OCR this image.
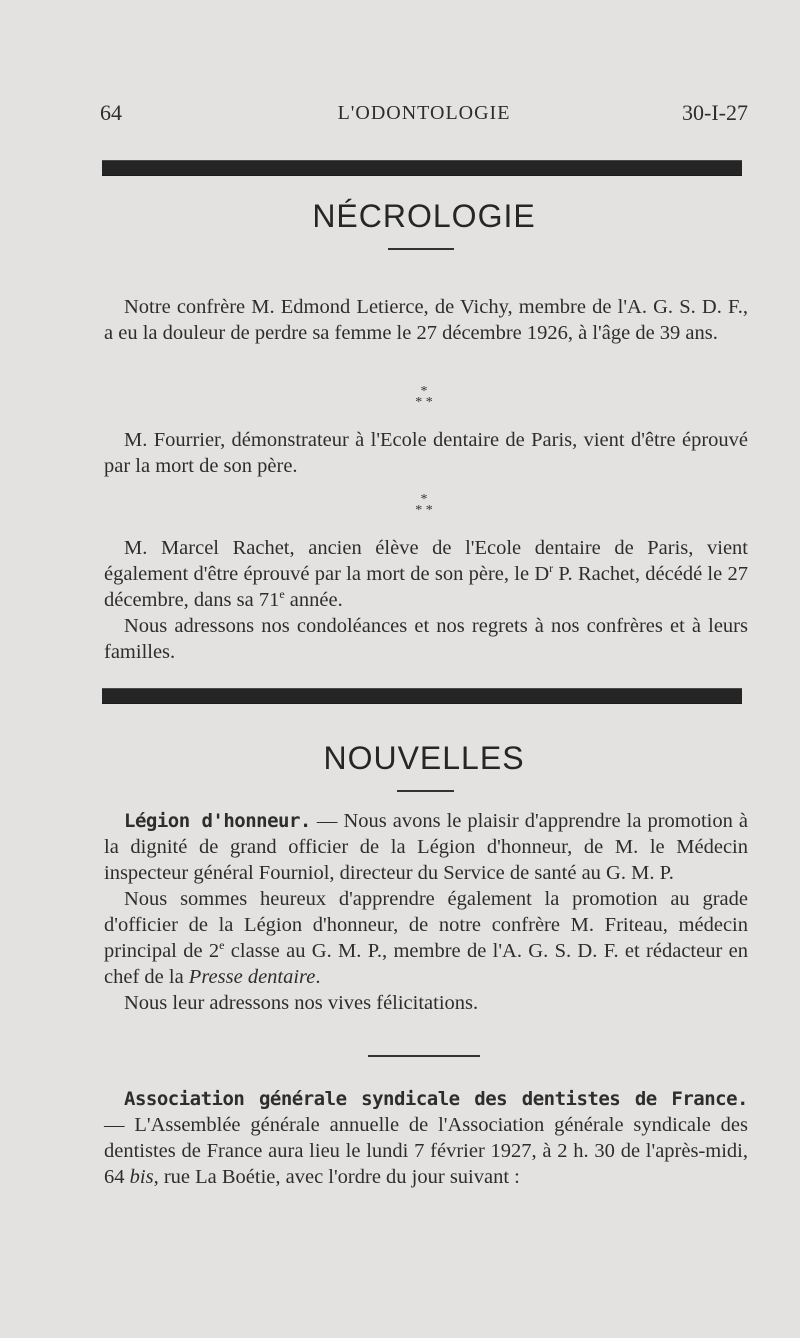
64	L'ODONTOLOGIE	30-I-27
NÉCROLOGIE
Notre confrère M. Edmond Letierce, de Vichy, membre de l'A. G. S. D. F., a eu la douleur de perdre sa femme le 27 décembre 1926, à l'âge de 39 ans.
*
* *
M. Fourrier, démonstrateur à l'Ecole dentaire de Paris, vient d'être éprouvé par la mort de son père.
*
* *
M. Marcel Rachet, ancien élève de l'Ecole dentaire de Paris, vient également d'être éprouvé par la mort de son père, le $D^r$ P. Rachet, décédé le 27 décembre, dans sa 71e année.
Nous adressons nos condoléances et nos regrets à nos confrères et à leurs familles.
NOUVELLES
Légion d'honneur. — Nous avons le plaisir d'apprendre la promotion à la dignité de grand officier de la Légion d'honneur, de M. le Médecin inspecteur général Fourniol, directeur du Service de santé au G. M. P.
Nous sommes heureux d'apprendre également la promotion au grade d'officier de la Légion d'honneur, de notre confrère M. Friteau, médecin principal de 2e classe au G. M. P., membre de l'A. G. S. D. F. et rédacteur en chef de la Presse dentaire.
Nous leur adressons nos vives félicitations.
Association générale syndicale des dentistes de France. — L'Assemblée générale annuelle de l'Association générale syndicale des dentistes de France aura lieu le lundi 7 février 1927, à 2 h. 30 de l'après-midi, 64 bis, rue La Boétie, avec l'ordre du jour suivant :
